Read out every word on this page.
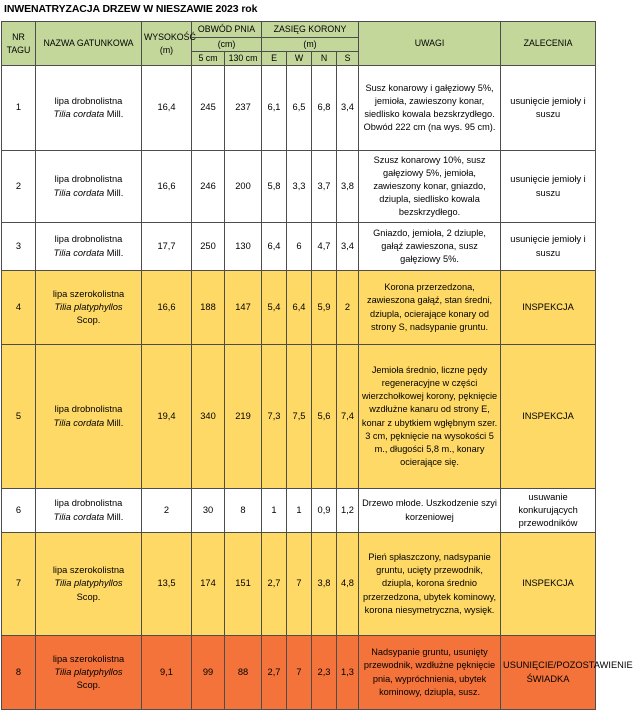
INWENATRYZACJA DRZEW W NIESZAWIE 2023 rok
NR TAGU	NAZWA GATUNKOWA	WYSOKOŚĆ (m)	OBWÓD PNIA		ZASIĘG KORONY				UWAGI	ZALECENIA
			(cm)		(m)					
			5 cm	130 cm	E	W	N	S		
1	lipa drobnolistna
Tilia cordata Mill.	16,4	245	237	6,1	6,5	6,8	3,4	Susz konarowy i gałęziowy 5%, jemioła, zawieszony konar, siedlisko kowala bezskrzydłego. Obwód 222 cm (na wys. 95 cm).	usunięcie jemioły i suszu
2	lipa drobnolistna
Tilia cordata Mill.	16,6	246	200	5,8	3,3	3,7	3,8	Szusz konarowy 10%, susz gałęziowy 5%, jemioła, zawieszony konar, gniazdo, dziupla, siedlisko kowala bezskrzydłego.	usunięcie jemioły i suszu
3	lipa drobnolistna
Tilia cordata Mill.	17,7	250	130	6,4	6	4,7	3,4	Gniazdo, jemioła, 2 dziuple, gałąź zawieszona, susz gałęziowy 5%.	usunięcie jemioły i suszu
4	lipa szerokolistna
Tilia platyphyllos
Scop.	16,6	188	147	5,4	6,4	5,9	2	Korona przerzedzona, zawieszona gałąź, stan średni, dziupla, ocierające konary od strony S, nadsypanie gruntu.	INSPEKCJA
5	lipa drobnolistna
Tilia cordata Mill.	19,4	340	219	7,3	7,5	5,6	7,4	Jemioła średnio, liczne pędy regeneracyjne w części wierzchołkowej korony, pęknięcie wzdłużne kanaru od strony E, konar z ubytkiem wgłębnym szer. 3 cm, pęknięcie na wysokości 5 m., długości 5,8 m., konary ocierające się.	INSPEKCJA
6	lipa drobnolistna
Tilia cordata Mill.	2	30	8	1	1	0,9	1,2	Drzewo młode. Uszkodzenie szyi korzeniowej	usuwanie konkurujących przewodników
7	lipa szerokolistna
Tilia platyphyllos
Scop.	13,5	174	151	2,7	7	3,8	4,8	Pień spłaszczony, nadsypanie gruntu, ucięty przewodnik, dziupla, korona średnio przerzedzona, ubytek kominowy, korona niesymetryczna, wysięk.	INSPEKCJA
8	lipa szerokolistna
Tilia platyphyllos
Scop.	9,1	99	88	2,7	7	2,3	1,3	Nadsypanie gruntu, usunięty przewodnik, wzdłużne pęknięcie pnia, wypróchnienia, ubytek kominowy, dziupla, susz.	USUNIĘCIE/POZOSTAWIENIE ŚWIADKA
